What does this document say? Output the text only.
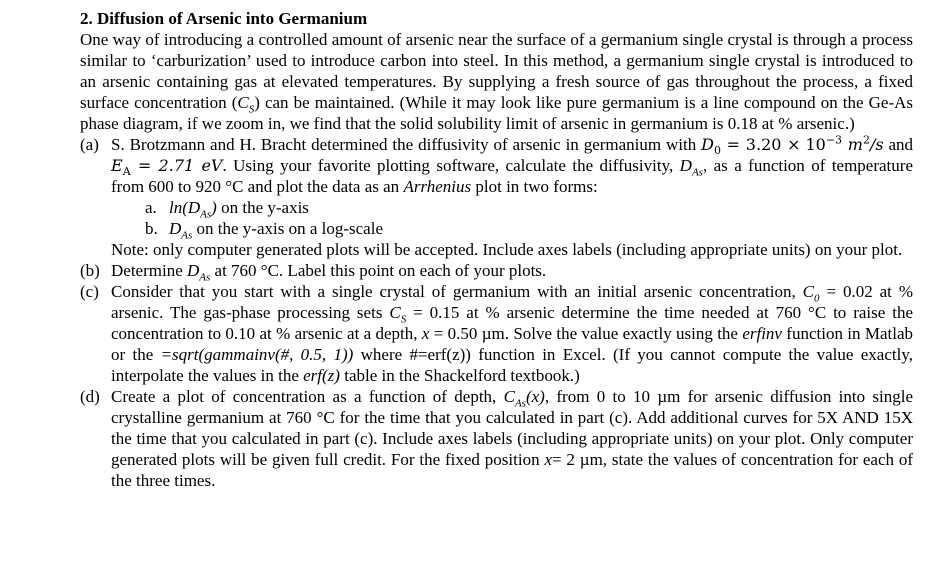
2. Diffusion of Arsenic into Germanium

One way of introducing a controlled amount of arsenic near the surface of a germanium single crystal is through a process similar to ‘carburization’ used to introduce carbon into steel. In this method, a germanium single crystal is introduced to an arsenic containing gas at elevated temperatures. By supplying a fresh source of gas throughout the process, a fixed surface concentration $(C_S)$ can be maintained. (While it may look like pure germanium is a line compound on the Ge-As phase diagram, if we zoom in, we find that the solid solubility limit of arsenic in germanium is 0.18 at % arsenic.)

(a) S. Brotzmann and H. Bracht determined the diffusivity of arsenic in germanium with $D_0 = 3.20 \times 10^{-3}$ $m^2/s$ and $E_A = 2.71$ eV. Using your favorite plotting software, calculate the diffusivity, $D_{As}$, as a function of temperature from 600 to 920 °C and plot the data as an Arrhenius plot in two forms:
a. $\ln(D_{As})$ on the y-axis
b. $D_{As}$ on the y-axis on a log-scale

Note: only computer generated plots will be accepted. Include axes labels (including appropriate units) on your plot.

(b) Determine $D_{As}$ at 760 °C. Label this point on each of your plots.
(c) Consider that you start with a single crystal of germanium with an initial arsenic concentration, $C_0 = 0.02$ at % arsenic. The gas-phase processing sets $C_S = 0.15$ at % arsenic determine the time needed at 760 °C to raise the concentration to 0.10 at % arsenic at a depth, x = 0.50 µm. Solve the value exactly using the erfinv function in Matlab or the =sqrt(gammainv(#, 0.5, 1)) where #=erf(z)) function in Excel. (If you cannot compute the value exactly, interpolate the values in the erf(z) table in the Shackelford textbook.)
(d) Create a plot of concentration as a function of depth, $C_{As}(x)$, from 0 to 10 µm for arsenic diffusion into single crystalline germanium at 760 °C for the time that you calculated in part (c). Add additional curves for 5X AND 15X the time that you calculated in part (c). Include axes labels (including appropriate units) on your plot. Only computer generated plots will be given full credit. For the fixed position x= 2 µm, state the values of concentration for each of the three times.
